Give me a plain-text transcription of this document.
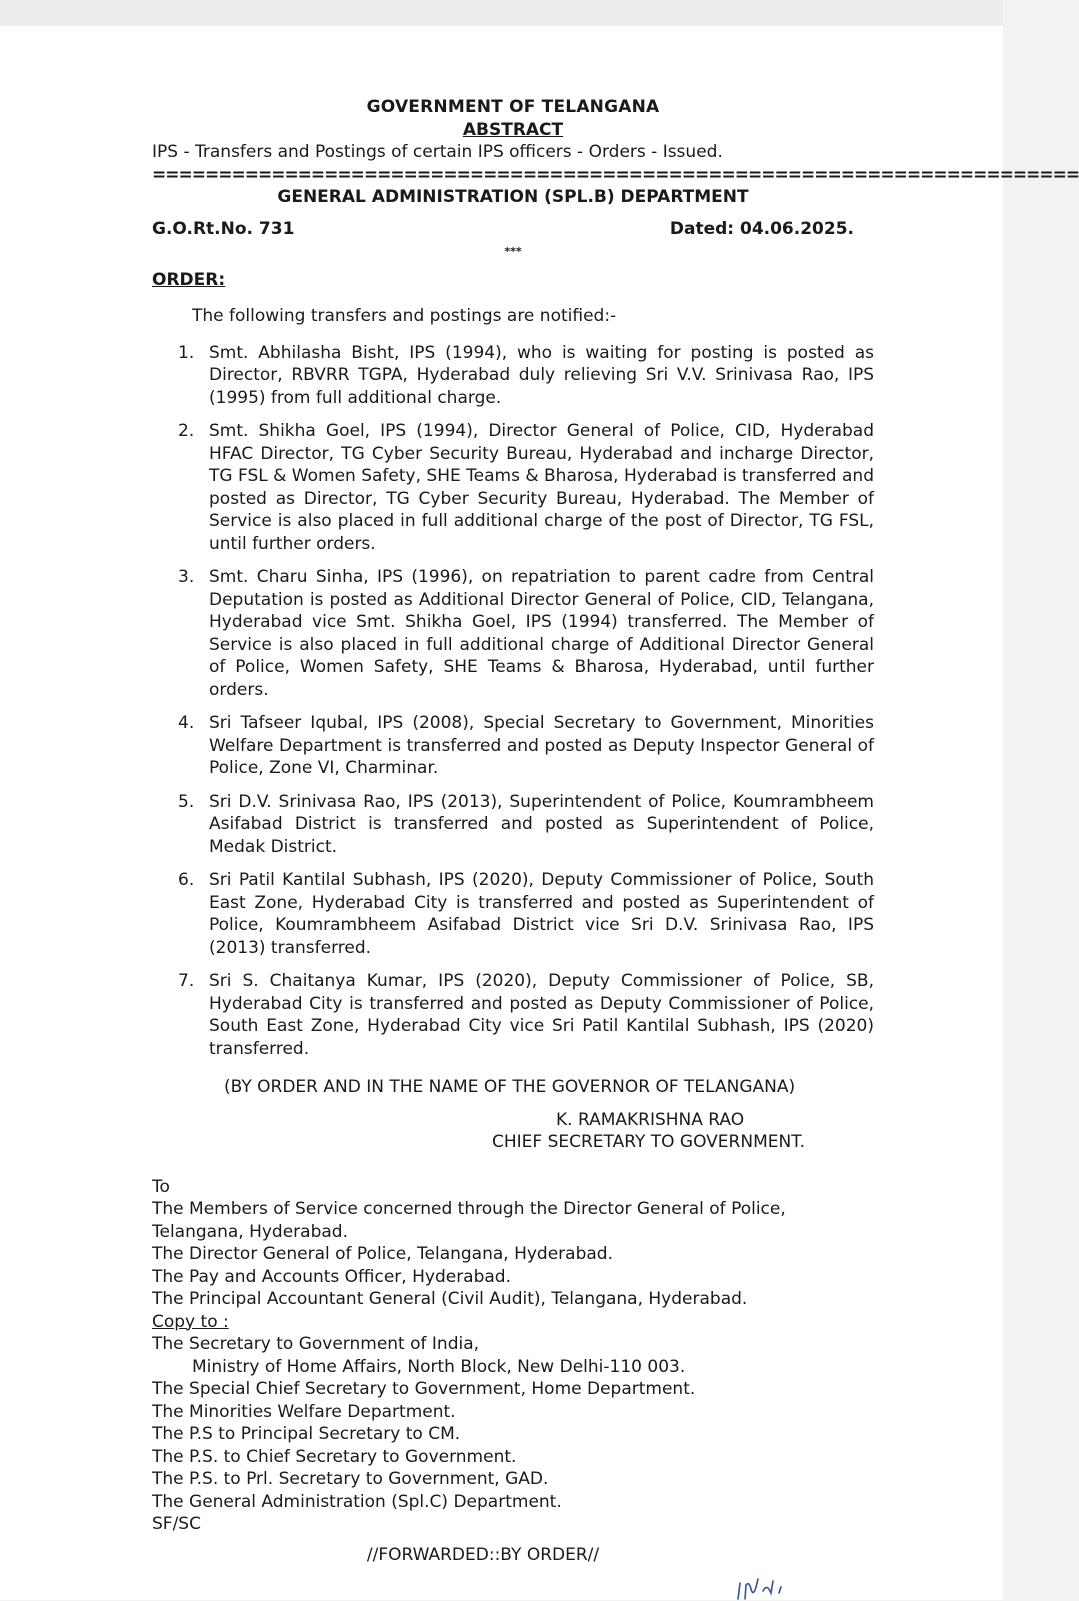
GOVERNMENT OF TELANGANA
ABSTRACT
IPS - Transfers and Postings of certain IPS officers - Orders - Issued.
======================================================================
GENERAL ADMINISTRATION (SPL.B) DEPARTMENT
G.O.Rt.No. 731	Dated: 04.06.2025.
***
ORDER:
The following transfers and postings are notified:-
1. Smt. Abhilasha Bisht, IPS (1994), who is waiting for posting is posted as Director, RBVRR TGPA, Hyderabad duly relieving Sri V.V. Srinivasa Rao, IPS (1995) from full additional charge.
2. Smt. Shikha Goel, IPS (1994), Director General of Police, CID, Hyderabad HFAC Director, TG Cyber Security Bureau, Hyderabad and incharge Director, TG FSL & Women Safety, SHE Teams & Bharosa, Hyderabad is transferred and posted as Director, TG Cyber Security Bureau, Hyderabad. The Member of Service is also placed in full additional charge of the post of Director, TG FSL, until further orders.
3. Smt. Charu Sinha, IPS (1996), on repatriation to parent cadre from Central Deputation is posted as Additional Director General of Police, CID, Telangana, Hyderabad vice Smt. Shikha Goel, IPS (1994) transferred. The Member of Service is also placed in full additional charge of Additional Director General of Police, Women Safety, SHE Teams & Bharosa, Hyderabad, until further orders.
4. Sri Tafseer Iqubal, IPS (2008), Special Secretary to Government, Minorities Welfare Department is transferred and posted as Deputy Inspector General of Police, Zone VI, Charminar.
5. Sri D.V. Srinivasa Rao, IPS (2013), Superintendent of Police, Koumrambheem Asifabad District is transferred and posted as Superintendent of Police, Medak District.
6. Sri Patil Kantilal Subhash, IPS (2020), Deputy Commissioner of Police, South East Zone, Hyderabad City is transferred and posted as Superintendent of Police, Koumrambheem Asifabad District vice Sri D.V. Srinivasa Rao, IPS (2013) transferred.
7. Sri S. Chaitanya Kumar, IPS (2020), Deputy Commissioner of Police, SB, Hyderabad City is transferred and posted as Deputy Commissioner of Police, South East Zone, Hyderabad City vice Sri Patil Kantilal Subhash, IPS (2020) transferred.
(BY ORDER AND IN THE NAME OF THE GOVERNOR OF TELANGANA)
K. RAMAKRISHNA RAO
CHIEF SECRETARY TO GOVERNMENT.
To
The Members of Service concerned through the Director General of Police, Telangana, Hyderabad.
The Director General of Police, Telangana, Hyderabad.
The Pay and Accounts Officer, Hyderabad.
The Principal Accountant General (Civil Audit), Telangana, Hyderabad.
Copy to :
The Secretary to Government of India,
Ministry of Home Affairs, North Block, New Delhi-110 003.
The Special Chief Secretary to Government, Home Department.
The Minorities Welfare Department.
The P.S to Principal Secretary to CM.
The P.S. to Chief Secretary to Government.
The P.S. to Prl. Secretary to Government, GAD.
The General Administration (Spl.C) Department.
SF/SC
//FORWARDED::BY ORDER//
